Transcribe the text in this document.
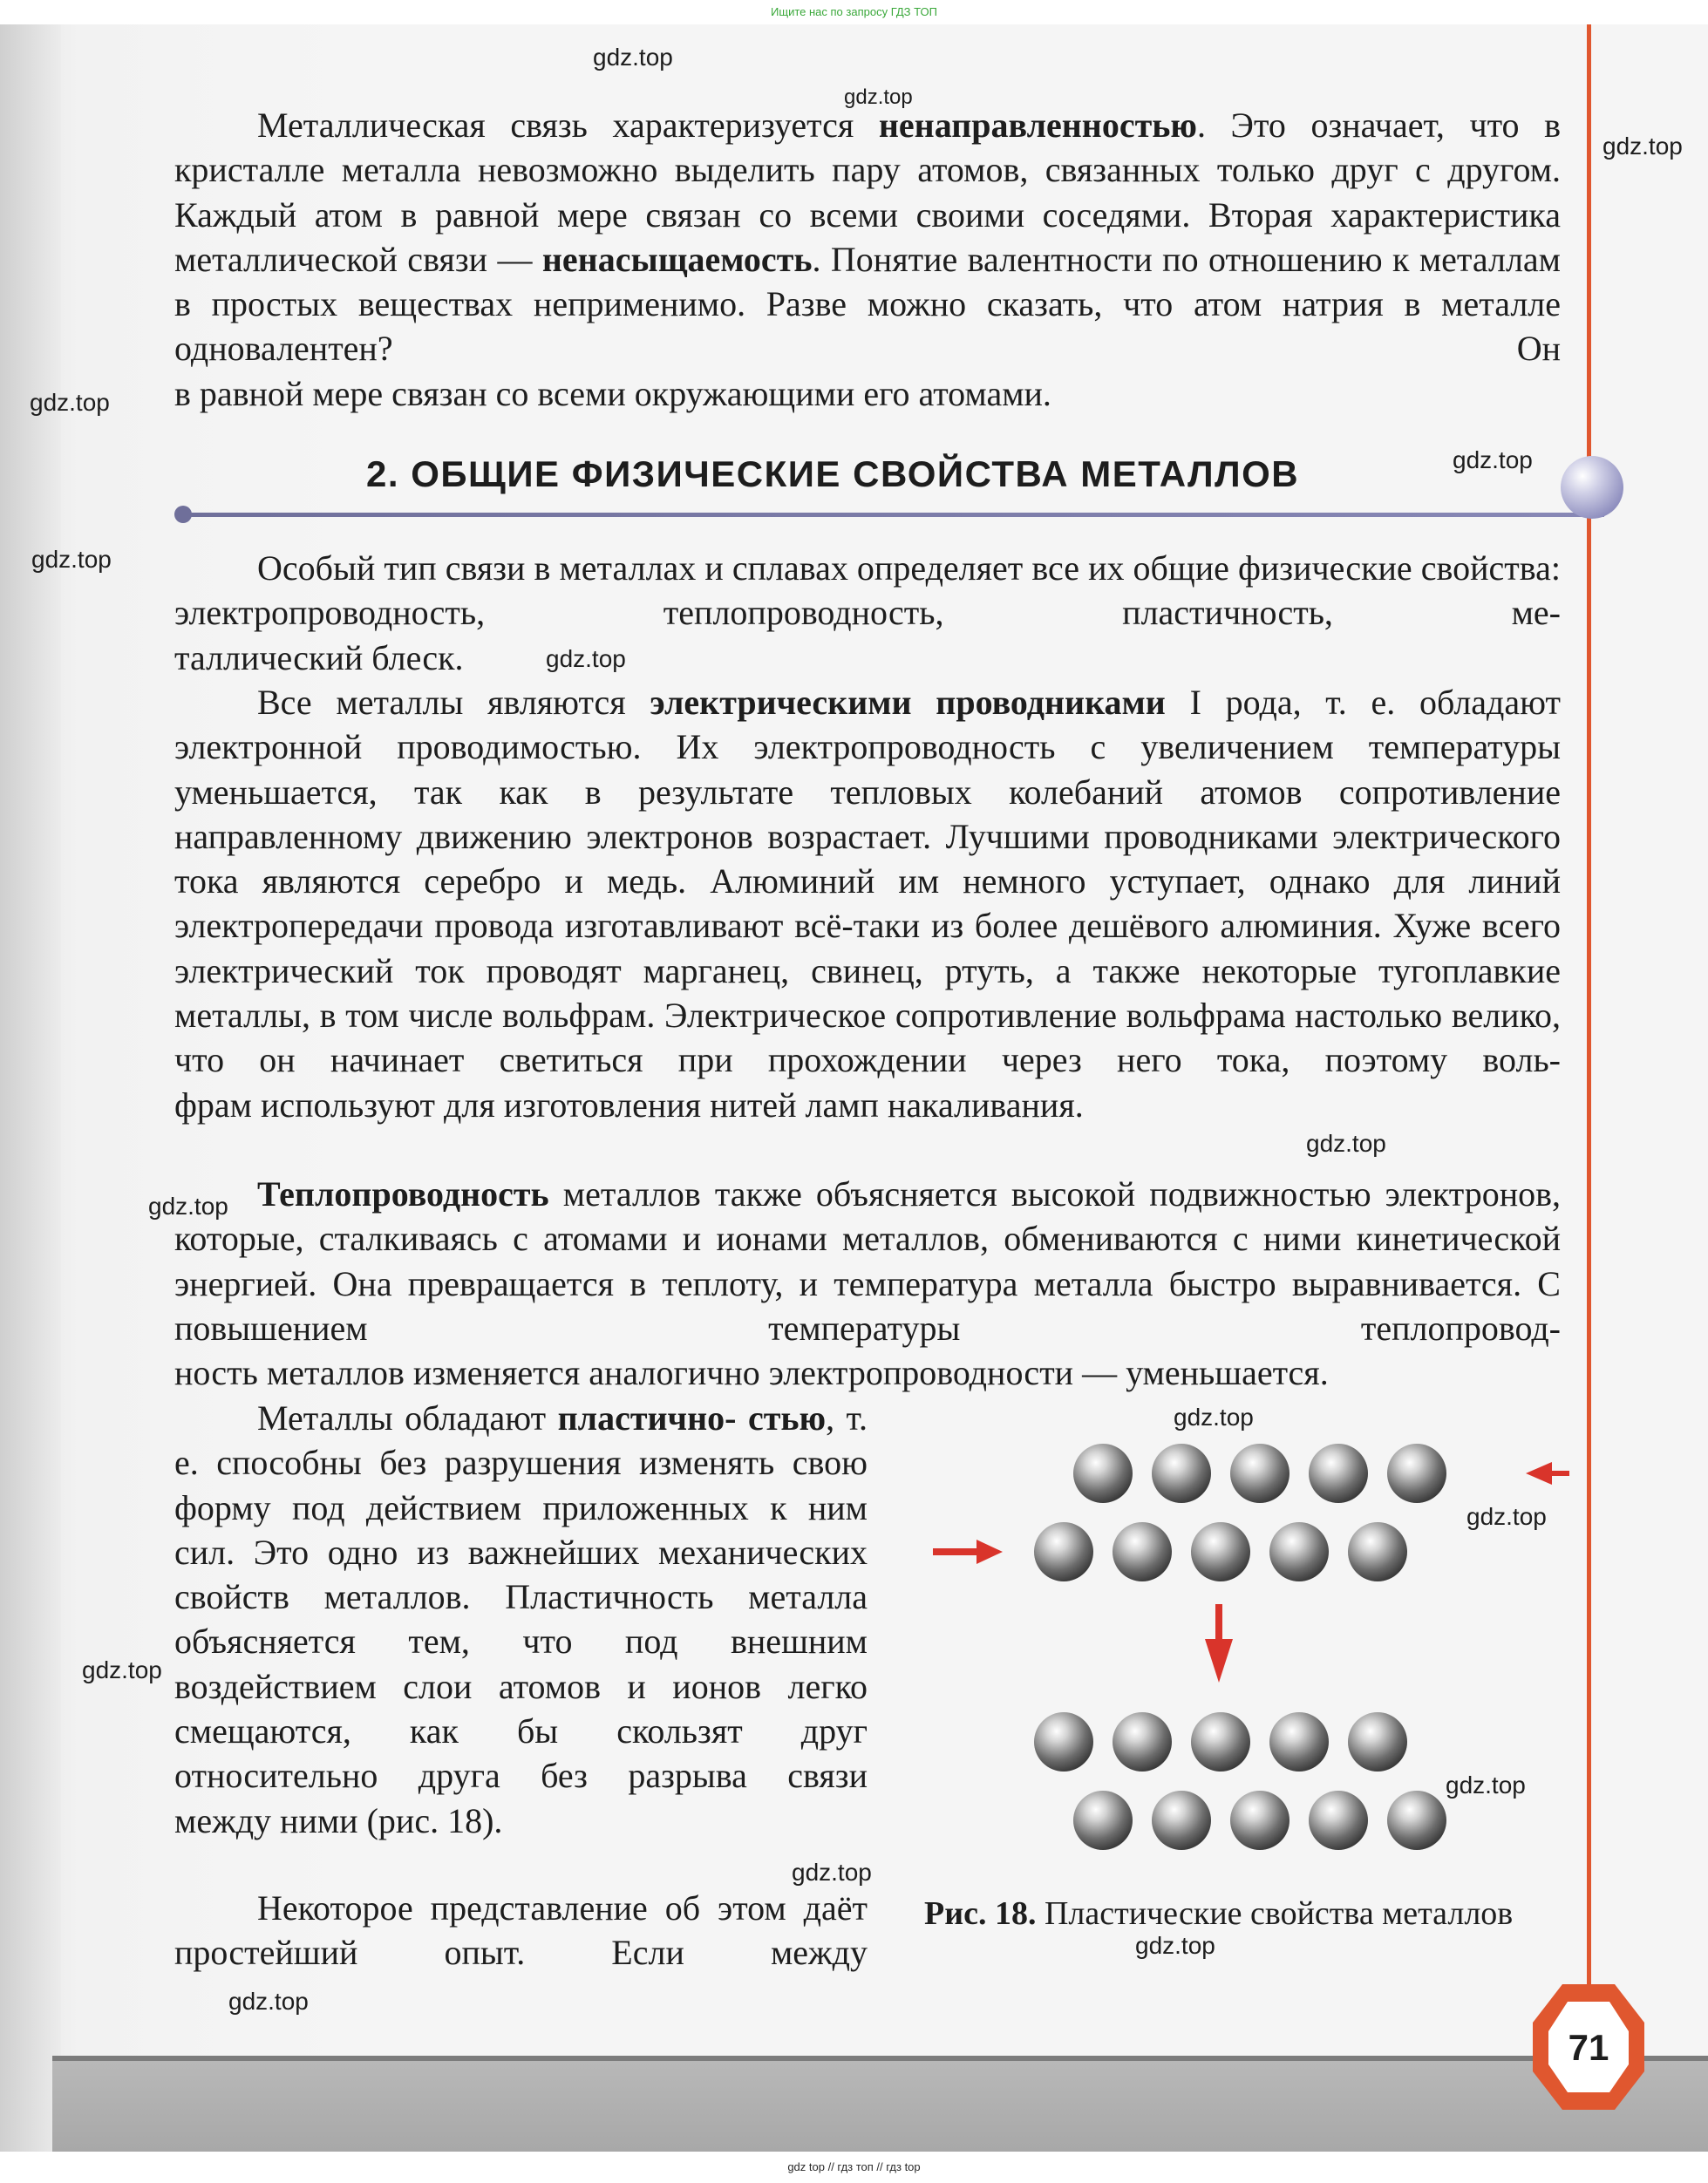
Ищите нас по запросу ГДЗ ТОП

Металлическая связь характеризуется ненаправленностью. Это означает, что в кристалле металла невозможно выделить пару атомов, связанных только друг с другом. Каждый атом в равной мере связан со всеми своими соседями. Вторая характеристика металлической связи — ненасыщаемость. Понятие валентности по отношению к металлам в простых веществах неприменимо. Разве можно сказать, что атом натрия в металле одновалентен? Он
в равной мере связан со всеми окружающими его атомами.

2. ОБЩИЕ ФИЗИЧЕСКИЕ СВОЙСТВА МЕТАЛЛОВ

Особый тип связи в металлах и сплавах определяет все их общие физические свойства: электропроводность, теплопроводность, пластичность, ме-
таллический блеск.

Все металлы являются электрическими проводниками I рода, т. е. обладают электронной проводимостью. Их электропроводность с увеличением температуры уменьшается, так как в результате тепловых колебаний атомов сопротивление направленному движению электронов возрастает. Лучшими проводниками электрического тока являются серебро и медь. Алюминий им немного уступает, однако для линий электропередачи провода изготавливают всё-таки из более дешёвого алюминия. Хуже всего электрический ток проводят марганец, свинец, ртуть, а также некоторые тугоплавкие металлы, в том числе вольфрам. Электрическое сопротивление вольфрама настолько велико, что он начинает светиться при прохождении через него тока, поэтому воль-
фрам используют для изготовления нитей ламп накаливания.

Теплопроводность металлов также объясняется высокой подвижностью электронов, которые, сталкиваясь с атомами и ионами металлов, обмениваются с ними кинетической энергией. Она превращается в теплоту, и температура металла быстро выравнивается. С повышением температуры теплопровод-
ность металлов изменяется аналогично электропроводности — уменьшается.

Металлы обладают пластично- стью, т. е. способны без разрушения изменять свою форму под действием приложенных к ним сил. Это одно из важнейших механических свойств металлов. Пластичность металла объясняется тем, что под внешним воздействием слои атомов и ионов легко смещаются, как бы скользят друг относительно друга без разрыва связи
между ними (рис. 18).

Некоторое представление об этом даёт простейший опыт. Если между

Рис. 18. Пластические свойства металлов
71
gdz top // гдз топ // гдз top
gdz.top
gdz.top
gdz.top
gdz.top
gdz.top
gdz.top
gdz.top
gdz.top
gdz.top
gdz.top
gdz.top
gdz.top
gdz.top
gdz.top
gdz.top
gdz.top
